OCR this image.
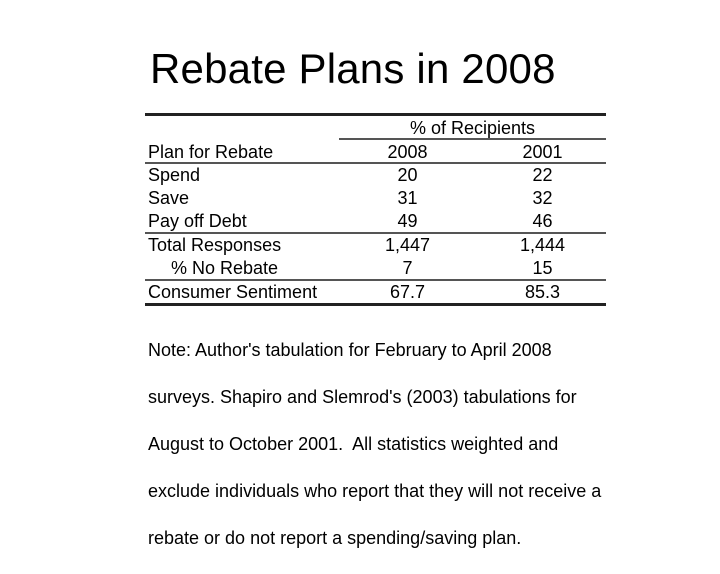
Rebate Plans in 2008
% of Recipients
Plan for Rebate	2008	2001
Spend	20	22
Save	31	32
Pay off Debt	49	46
Total Responses	1,447	1,444
% No Rebate	7	15
Consumer Sentiment	67.7	85.3

Note: Author's tabulation for February to April 2008

surveys. Shapiro and Slemrod's (2003) tabulations for

August to October 2001.  All statistics weighted and

exclude individuals who report that they will not receive a

rebate or do not report a spending/saving plan.
